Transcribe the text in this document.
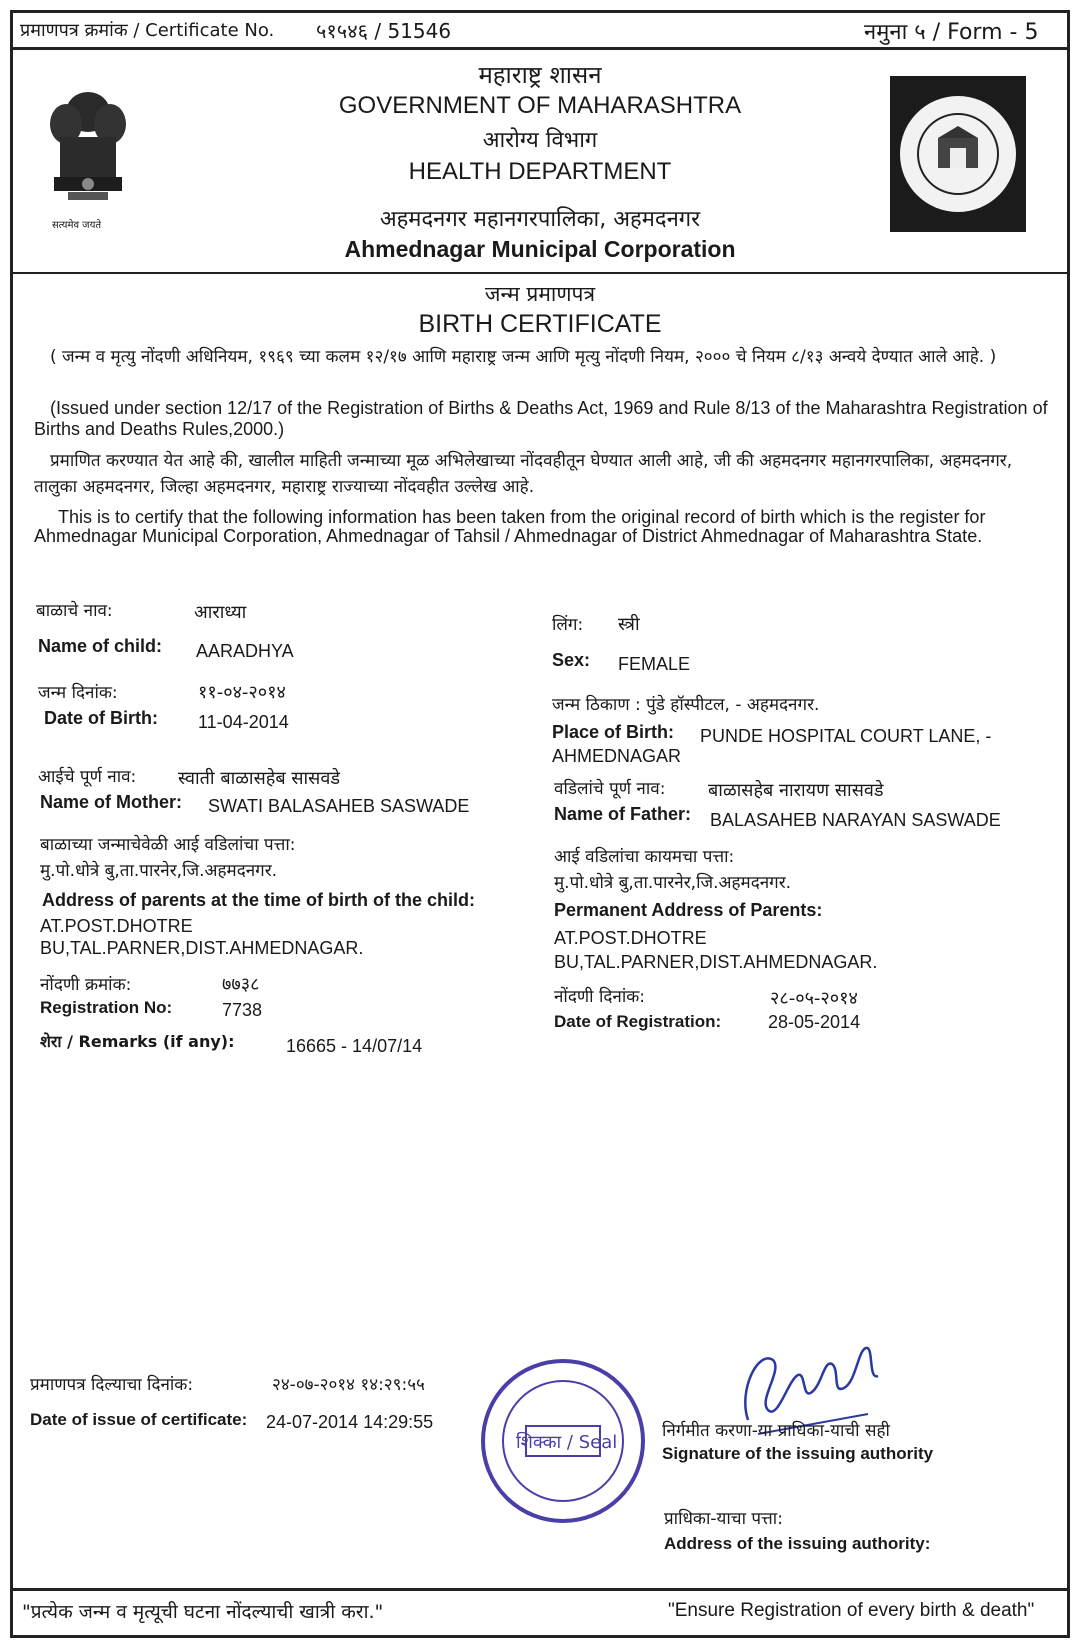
प्रमाणपत्र क्रमांक / Certificate No. ५१५४६ / 51546	नमुना ५ / Form - 5
सत्यमेव जयते
महाराष्ट्र शासन
GOVERNMENT OF MAHARASHTRA
आरोग्य विभाग
HEALTH DEPARTMENT
अहमदनगर महानगरपालिका, अहमदनगर
Ahmednagar Municipal Corporation
जन्म प्रमाणपत्र
BIRTH CERTIFICATE
( जन्म व मृत्यु नोंदणी अधिनियम, १९६९ च्या कलम १२/१७ आणि महाराष्ट्र जन्म आणि मृत्यु नोंदणी नियम, २००० चे नियम ८/१३ अन्वये देण्यात आले आहे. )
(Issued under section 12/17 of the Registration of Births & Deaths Act, 1969 and Rule 8/13 of the Maharashtra Registration of Births and Deaths Rules,2000.)
प्रमाणित करण्यात येत आहे की, खालील माहिती जन्माच्या मूळ अभिलेखाच्या नोंदवहीतून घेण्यात आली आहे, जी की अहमदनगर महानगरपालिका, अहमदनगर, तालुका अहमदनगर, जिल्हा अहमदनगर, महाराष्ट्र राज्याच्या नोंदवहीत उल्लेख आहे.
This is to certify that the following information has been taken from the original record of birth which is the register for Ahmednagar Municipal Corporation, Ahmednagar of Tahsil / Ahmednagar of District Ahmednagar of Maharashtra State.
बाळाचे नाव:	आराध्या
Name of child: AARADHYA
जन्म दिनांक:	११-०४-२०१४
Date of Birth: 11-04-2014
आईचे पूर्ण नाव: स्वाती बाळासहेब सासवडे
Name of Mother: SWATI BALASAHEB SASWADE
बाळाच्या जन्माचेवेळी आई वडिलांचा पत्ता:
मु.पो.धोत्रे बु,ता.पारनेर,जि.अहमदनगर.
Address of parents at the time of birth of the child:
AT.POST.DHOTRE
BU,TAL.PARNER,DIST.AHMEDNAGAR.
नोंदणी क्रमांक:	७७३८
Registration No:	7738
शेरा / Remarks (if any):	16665 - 14/07/14
लिंग: स्त्री
Sex: FEMALE
जन्म ठिकाण : पुंडे हॉस्पीटल, - अहमदनगर.
Place of Birth: PUNDE HOSPITAL COURT LANE, -
AHMEDNAGAR
वडिलांचे पूर्ण नाव: बाळासहेब नारायण सासवडे
Name of Father: BALASAHEB NARAYAN SASWADE
आई वडिलांचा कायमचा पत्ता:
मु.पो.धोत्रे बु,ता.पारनेर,जि.अहमदनगर.
Permanent Address of Parents:
AT.POST.DHOTRE
BU,TAL.PARNER,DIST.AHMEDNAGAR.
नोंदणी दिनांक:	२८-०५-२०१४
Date of Registration:	28-05-2014
प्रमाणपत्र दिल्याचा दिनांक:	२४-०७-२०१४ १४:२९:५५
Date of issue of certificate: 24-07-2014 14:29:55
शिक्का / Seal
निर्गमीत करणा-या प्राधिका-याची सही
Signature of the issuing authority
प्राधिका-याचा पत्ता:
Address of the issuing authority:
"प्रत्येक जन्म व मृत्यूची घटना नोंदल्याची खात्री करा."	"Ensure Registration of every birth & death"
